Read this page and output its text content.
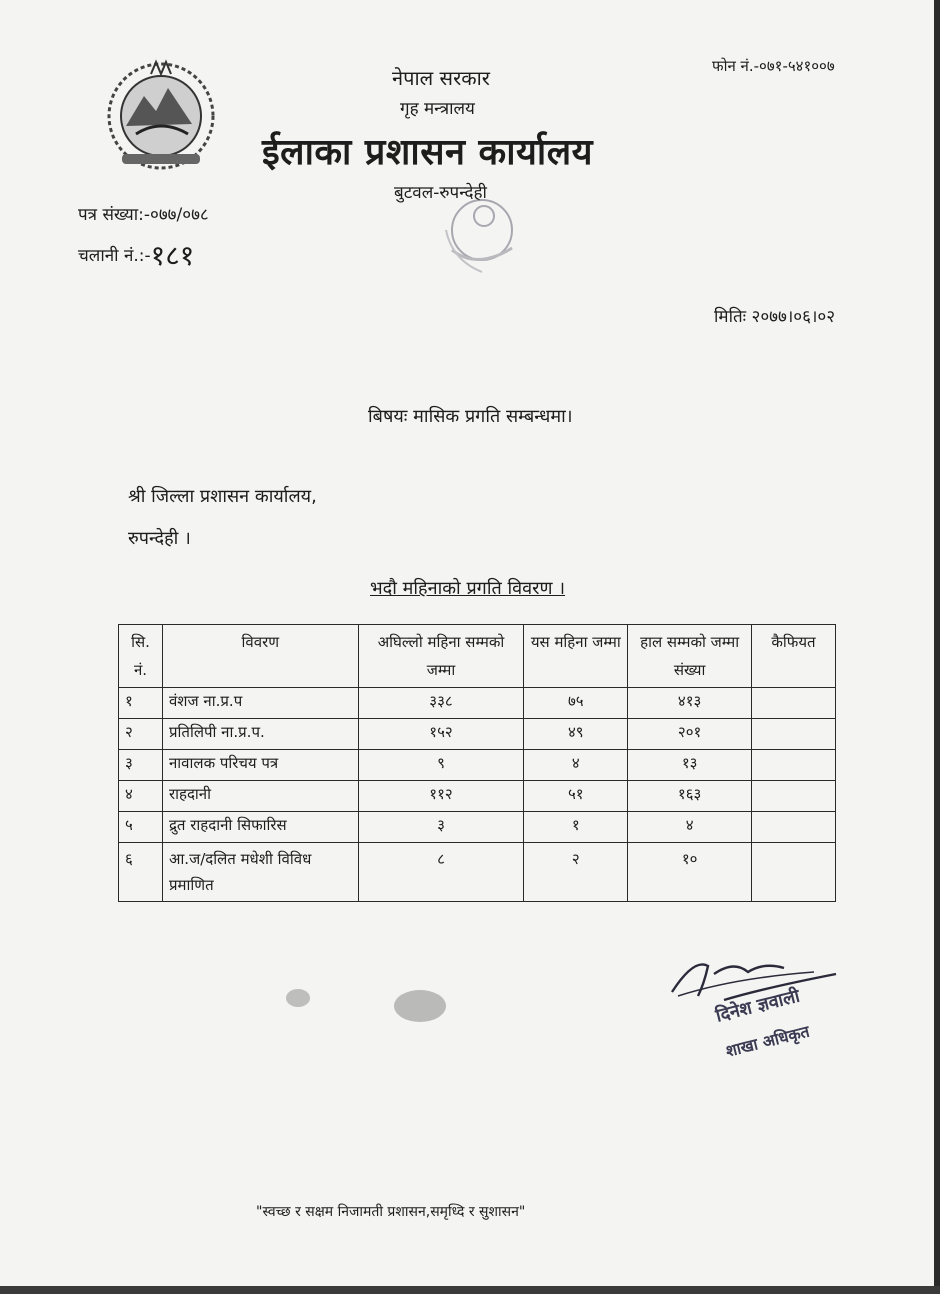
फोन नं.-०७१-५४१००७
नेपाल सरकार
गृह मन्त्रालय
ईलाका प्रशासन कार्यालय
बुटवल-रुपन्देही
पत्र संख्या:-०७७/०७८
चलानी नं.:-१८१
मितिः २०७७।०६।०२
बिषयः मासिक प्रगति सम्बन्धमा।
श्री जिल्ला प्रशासन कार्यालय,
रुपन्देही ।
भदौ महिनाको प्रगति विवरण ।
सि. नं.	विवरण	अघिल्लो महिना सम्मको जम्मा	यस महिना जम्मा	हाल सम्मको जम्मा संख्या	कैफियत
१	वंशज ना.प्र.प	३३८	७५	४१३	
२	प्रतिलिपी ना.प्र.प.	१५२	४९	२०१	
३	नावालक परिचय पत्र	९	४	१३	
४	राहदानी	११२	५१	१६३	
५	द्रुत राहदानी सिफारिस	३	१	४	
६	आ.ज/दलित मधेशी विविध प्रमाणित	८	२	१०	
दिनेश ज्ञवाली
शाखा अधिकृत
"स्वच्छ र सक्षम निजामती प्रशासन,समृध्दि र सुशासन"
